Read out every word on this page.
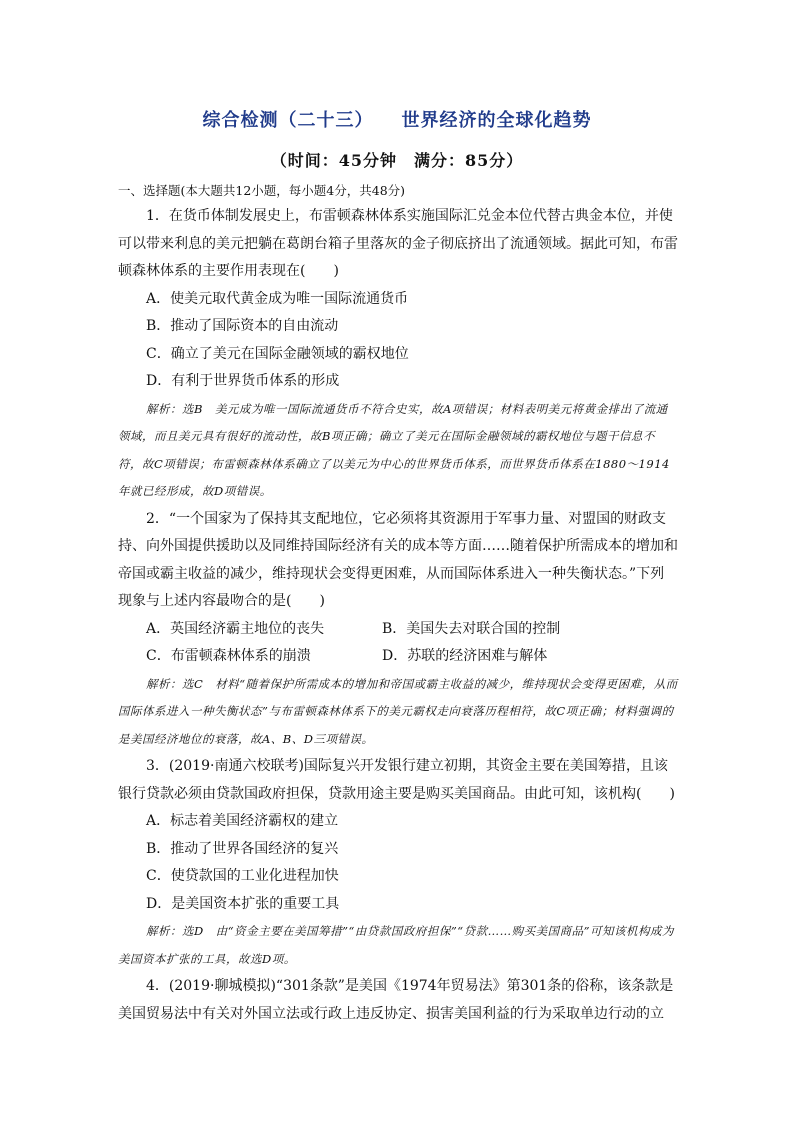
综合检测（二十三） 世界经济的全球化趋势
（时间：45分钟　满分：85分）
一、选择题(本大题共12小题，每小题4分，共48分)

1．在货币体制发展史上，布雷顿森林体系实施国际汇兑金本位代替古典金本位，并使可以带来利息的美元把躺在葛朗台箱子里落灰的金子彻底挤出了流通领域。据此可知，布雷顿森林体系的主要作用表现在(　　)

A．使美元取代黄金成为唯一国际流通货币

B．推动了国际资本的自由流动

C．确立了美元在国际金融领域的霸权地位

D．有利于世界货币体系的形成

解析：选B　美元成为唯一国际流通货币不符合史实，故A项错误；材料表明美元将黄金排出了流通领域，而且美元具有很好的流动性，故B项正确；确立了美元在国际金融领域的霸权地位与题干信息不符，故C项错误；布雷顿森林体系确立了以美元为中心的世界货币体系，而世界货币体系在1880～1914年就已经形成，故D项错误。

2．“一个国家为了保持其支配地位，它必须将其资源用于军事力量、对盟国的财政支持、向外国提供援助以及同维持国际经济有关的成本等方面……随着保护所需成本的增加和帝国或霸主收益的减少，维持现状会变得更困难，从而国际体系进入一种失衡状态。”下列现象与上述内容最吻合的是(　　)

A．英国经济霸主地位的丧失	B．美国失去对联合国的控制
C．布雷顿森林体系的崩溃	D．苏联的经济困难与解体

解析：选C　材料“随着保护所需成本的增加和帝国或霸主收益的减少，维持现状会变得更困难，从而国际体系进入一种失衡状态”与布雷顿森林体系下的美元霸权走向衰落历程相符，故C项正确；材料强调的是美国经济地位的衰落，故A、B、D三项错误。

3．(2019·南通六校联考)国际复兴开发银行建立初期，其资金主要在美国筹措，且该银行贷款必须由贷款国政府担保，贷款用途主要是购买美国商品。由此可知，该机构(　　)

A．标志着美国经济霸权的建立

B．推动了世界各国经济的复兴

C．使贷款国的工业化进程加快

D．是美国资本扩张的重要工具

解析：选D　由“资金主要在美国筹措”“由贷款国政府担保”“贷款……购买美国商品”可知该机构成为美国资本扩张的工具，故选D项。

4．(2019·聊城模拟)“301条款”是美国《1974年贸易法》第301条的俗称，该条款是美国贸易法中有关对外国立法或行政上违反协定、损害美国利益的行为采取单边行动的立
